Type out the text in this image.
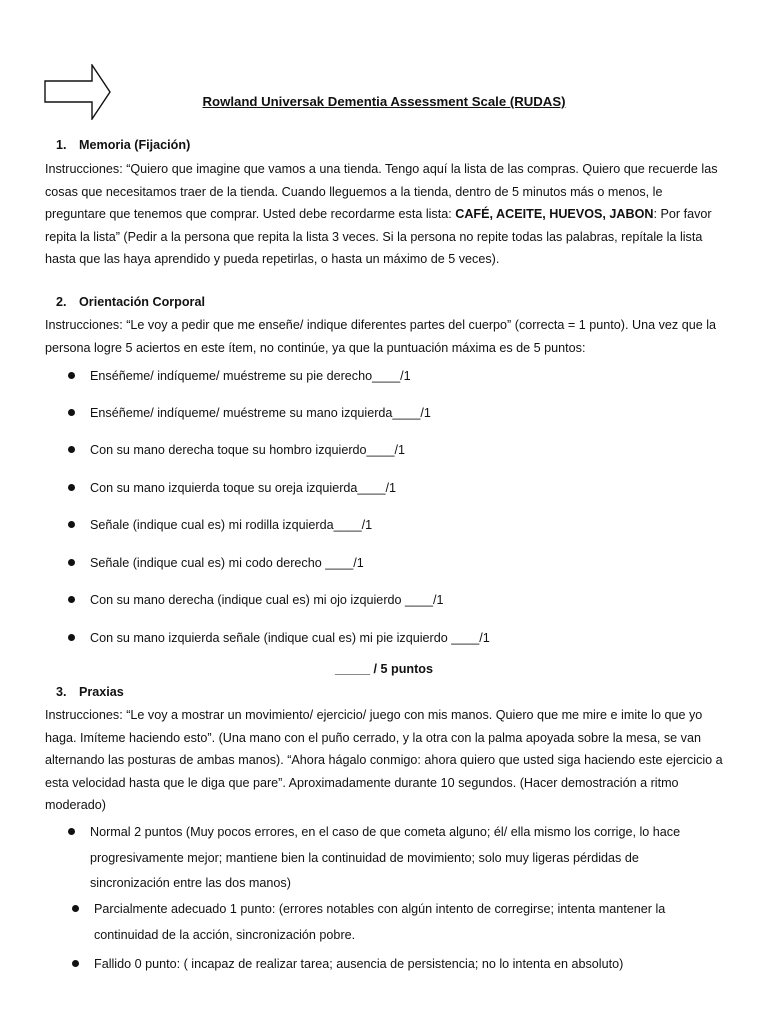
Rowland Universak Dementia Assessment Scale (RUDAS)
1. Memoria (Fijación)
Instrucciones: “Quiero que imagine que vamos a una tienda. Tengo aquí la lista de las compras. Quiero que recuerde las cosas que necesitamos traer de la tienda. Cuando lleguemos a la tienda, dentro de 5 minutos más o menos, le preguntare que tenemos que comprar. Usted debe recordarme esta lista: CAFÉ, ACEITE, HUEVOS, JABON: Por favor repita la lista” (Pedir a la persona que repita la lista 3 veces. Si la persona no repite todas las palabras, repítale la lista hasta que las haya aprendido y pueda repetirlas, o hasta un máximo de 5 veces).
2. Orientación Corporal
Instrucciones: “Le voy a pedir que me enseñe/ indique diferentes partes del cuerpo” (correcta = 1 punto). Una vez que la persona logre 5 aciertos en este ítem, no continúe, ya que la puntuación máxima es de 5 puntos:
Enséñeme/ indíqueme/ muéstreme su pie derecho____/1
Enséñeme/ indíqueme/ muéstreme su mano izquierda____/1
Con su mano derecha toque su hombro izquierdo____/1
Con su mano izquierda toque su oreja izquierda____/1
Señale (indique cual es) mi rodilla izquierda____/1
Señale (indique cual es) mi codo derecho ____/1
Con su mano derecha (indique cual es) mi ojo izquierdo ____/1
Con su mano izquierda señale (indique cual es) mi pie izquierdo ____/1
_____ / 5 puntos
3. Praxias
Instrucciones: “Le voy a mostrar un movimiento/ ejercicio/ juego con mis manos. Quiero que me mire e imite lo que yo haga. Imíteme haciendo esto”. (Una mano con el puño cerrado, y la otra con la palma apoyada sobre la mesa, se van alternando las posturas de ambas manos). “Ahora hágalo conmigo: ahora quiero que usted siga haciendo este ejercicio a esta velocidad hasta que le diga que pare”. Aproximadamente durante 10 segundos. (Hacer demostración a ritmo moderado)
Normal 2 puntos (Muy pocos errores, en el caso de que cometa alguno; él/ ella mismo los corrige, lo hace progresivamente mejor; mantiene bien la continuidad de movimiento; solo muy ligeras pérdidas de sincronización entre las dos manos)
Parcialmente adecuado 1 punto: (errores notables con algún intento de corregirse; intenta mantener la continuidad de la acción, sincronización pobre.
Fallido 0 punto: ( incapaz de realizar tarea; ausencia de persistencia; no lo intenta en absoluto)
